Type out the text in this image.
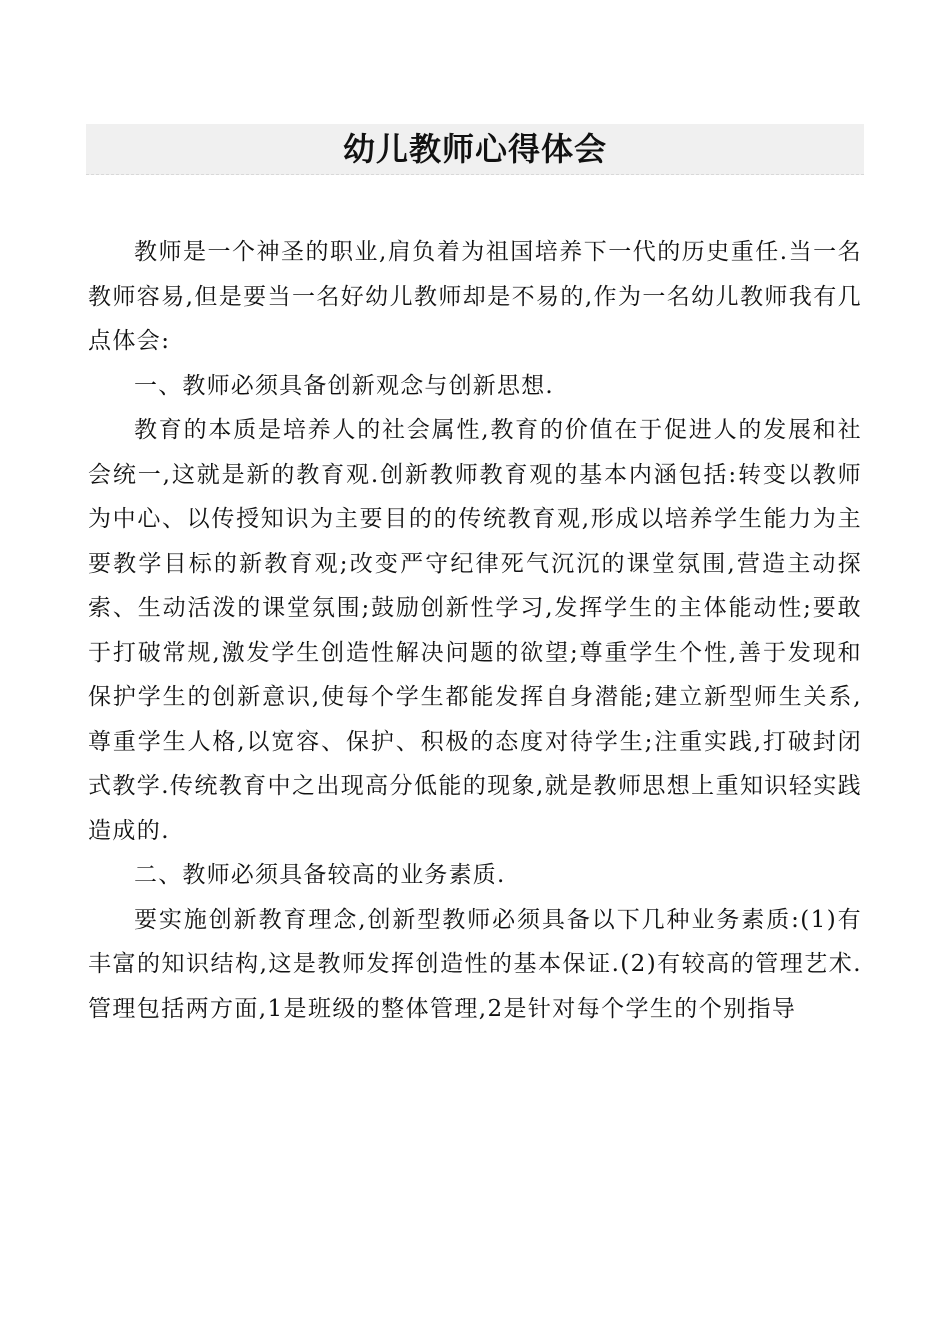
幼儿教师心得体会

教师是一个神圣的职业,肩负着为祖国培养下一代的历史重任.当一名教师容易,但是要当一名好幼儿教师却是不易的,作为一名幼儿教师我有几点体会:

一、教师必须具备创新观念与创新思想.

教育的本质是培养人的社会属性,教育的价值在于促进人的发展和社会统一,这就是新的教育观.创新教师教育观的基本内涵包括:转变以教师为中心、以传授知识为主要目的的传统教育观,形成以培养学生能力为主要教学目标的新教育观;改变严守纪律死气沉沉的课堂氛围,营造主动探索、生动活泼的课堂氛围;鼓励创新性学习,发挥学生的主体能动性;要敢于打破常规,激发学生创造性解决问题的欲望;尊重学生个性,善于发现和保护学生的创新意识,使每个学生都能发挥自身潜能;建立新型师生关系,尊重学生人格,以宽容、保护、积极的态度对待学生;注重实践,打破封闭式教学.传统教育中之出现高分低能的现象,就是教师思想上重知识轻实践造成的.

二、教师必须具备较高的业务素质.

要实施创新教育理念,创新型教师必须具备以下几种业务素质:(1)有丰富的知识结构,这是教师发挥创造性的基本保证.(2)有较高的管理艺术.管理包括两方面,1是班级的整体管理,2是针对每个学生的个别指导
